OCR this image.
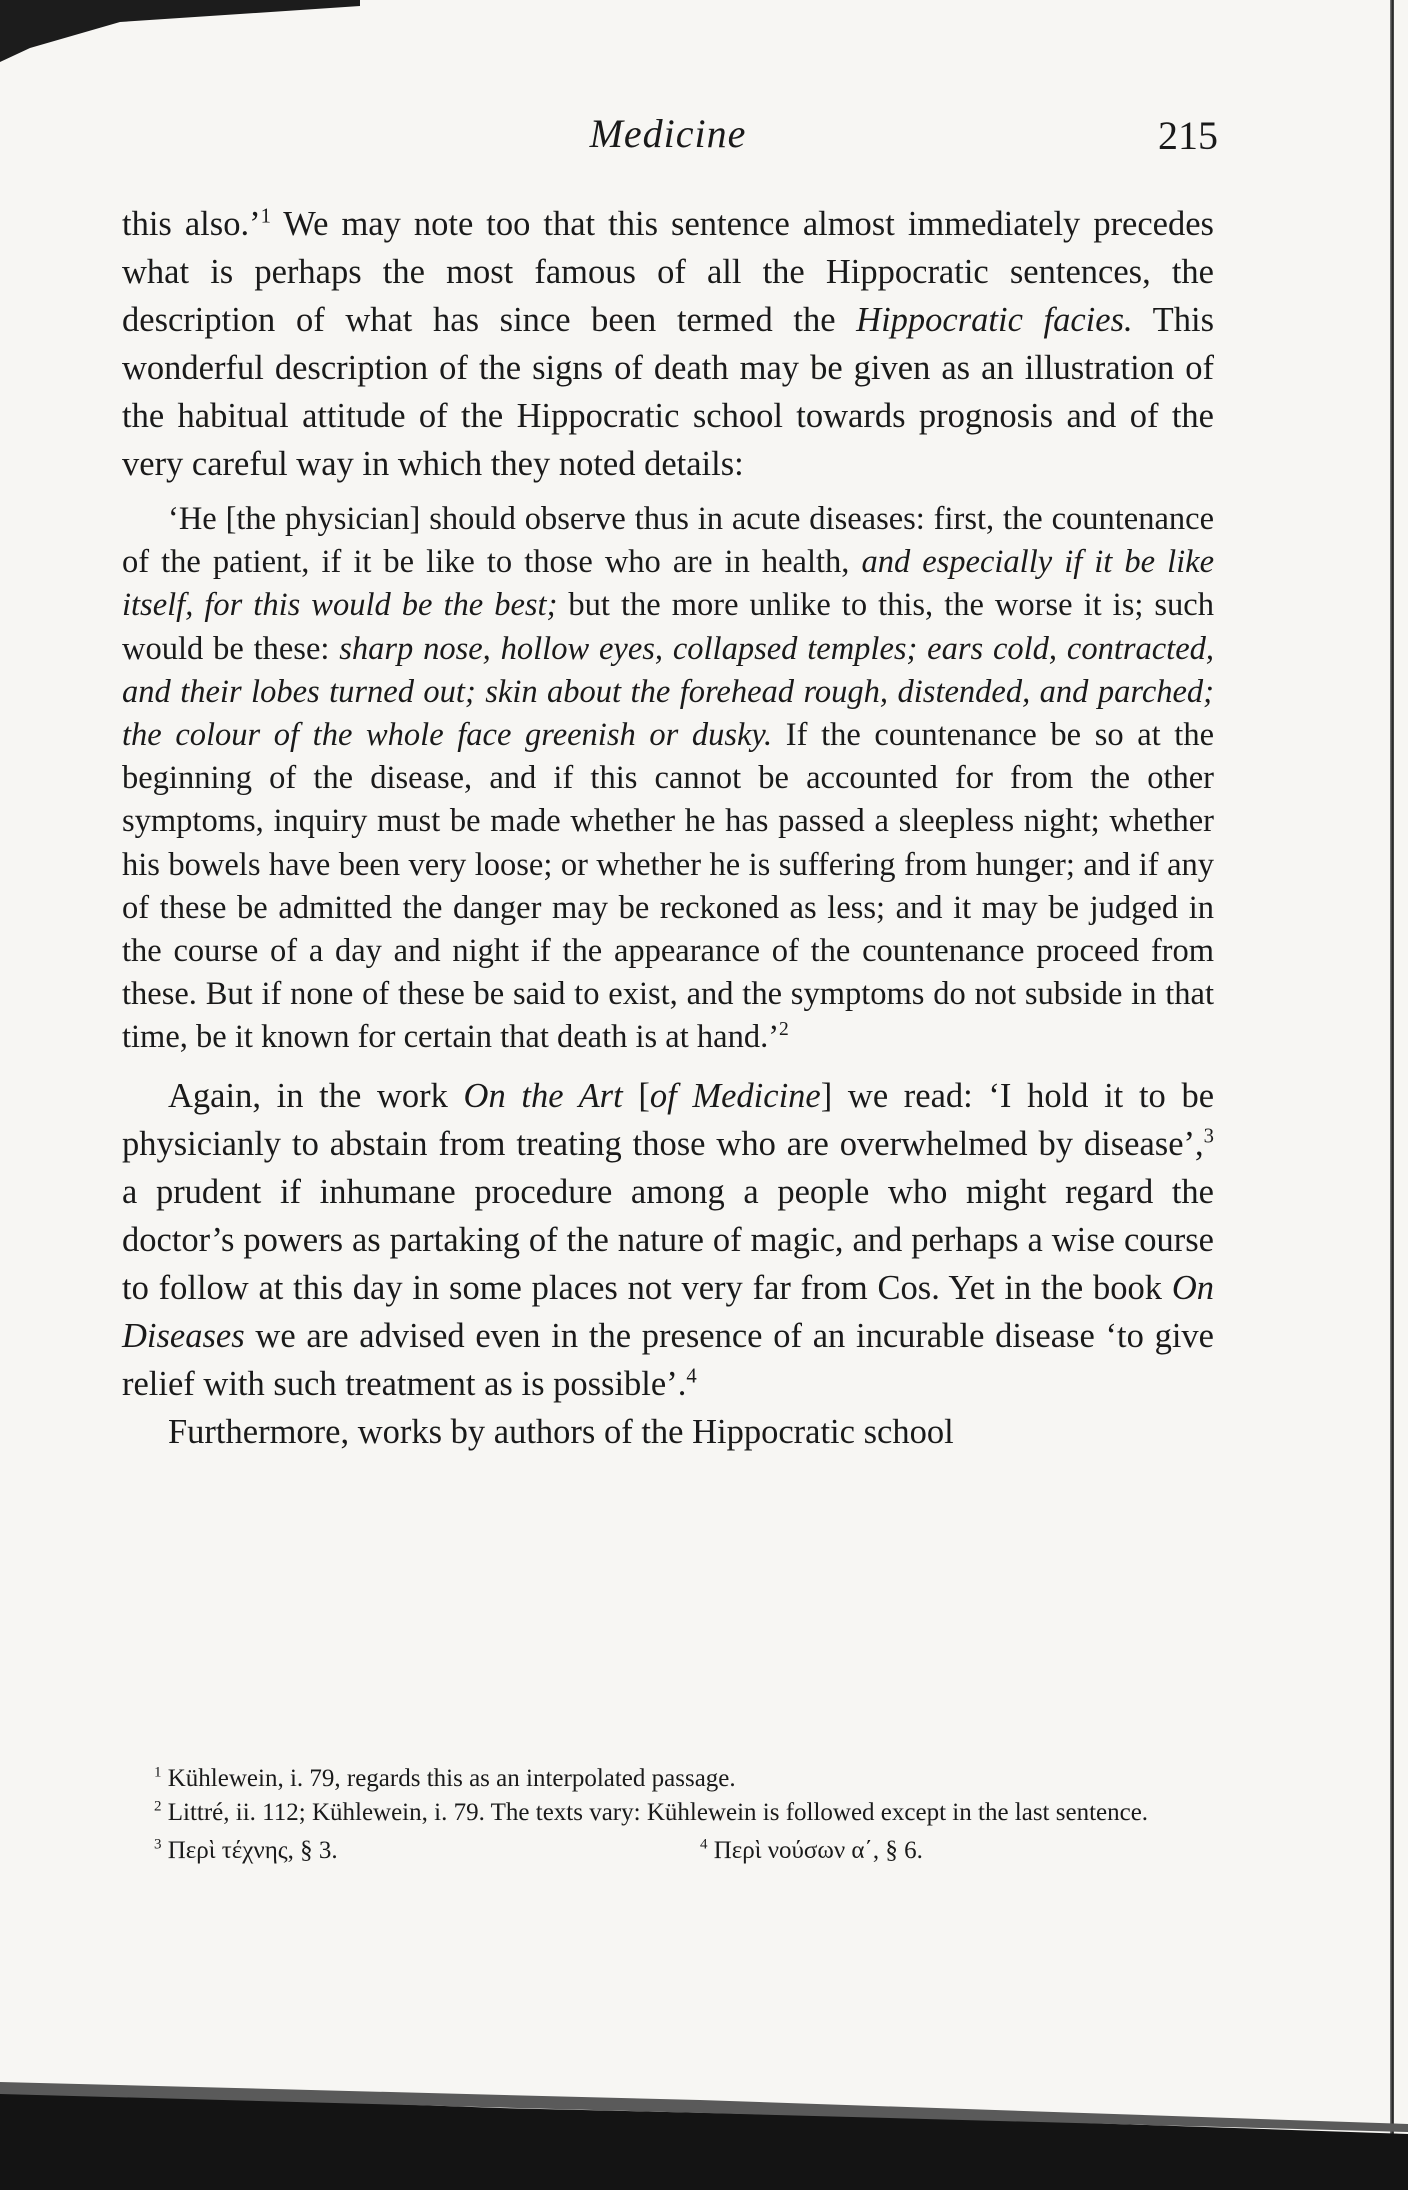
Medicine	215

this also.’$^1$ We may note too that this sentence almost immediately precedes what is perhaps the most famous of all the Hippocratic sentences, the description of what has since been termed the Hippocratic facies. This wonderful description of the signs of death may be given as an illustration of the habitual attitude of the Hippocratic school towards prognosis and of the very careful way in which they noted details:

‘He [the physician] should observe thus in acute diseases: first, the countenance of the patient, if it be like to those who are in health, and especially if it be like itself, for this would be the best; but the more unlike to this, the worse it is; such would be these: sharp nose, hollow eyes, collapsed temples; ears cold, contracted, and their lobes turned out; skin about the forehead rough, distended, and parched; the colour of the whole face greenish or dusky. If the countenance be so at the beginning of the disease, and if this cannot be accounted for from the other symptoms, inquiry must be made whether he has passed a sleepless night; whether his bowels have been very loose; or whether he is suffering from hunger; and if any of these be admitted the danger may be reckoned as less; and it may be judged in the course of a day and night if the appearance of the countenance proceed from these. But if none of these be said to exist, and the symptoms do not subside in that time, be it known for certain that death is at hand.’$^2$

Again, in the work On the Art [of Medicine] we read: ‘I hold it to be physicianly to abstain from treating those who are overwhelmed by disease’,$^3$ a prudent if inhumane procedure among a people who might regard the doctor’s powers as partaking of the nature of magic, and perhaps a wise course to follow at this day in some places not very far from Cos. Yet in the book On Diseases we are advised even in the presence of an incurable disease ‘to give relief with such treatment as is possible’.$^4$

Furthermore, works by authors of the Hippocratic school

$^1$ Kühlewein, i. 79, regards this as an interpolated passage.

$^2$ Littré, ii. 112; Kühlewein, i. 79. The texts vary: Kühlewein is followed except in the last sentence.

$^3$ Περὶ τέχνης, § 3.	$^4$ Περὶ νούσων α΄, § 6.
